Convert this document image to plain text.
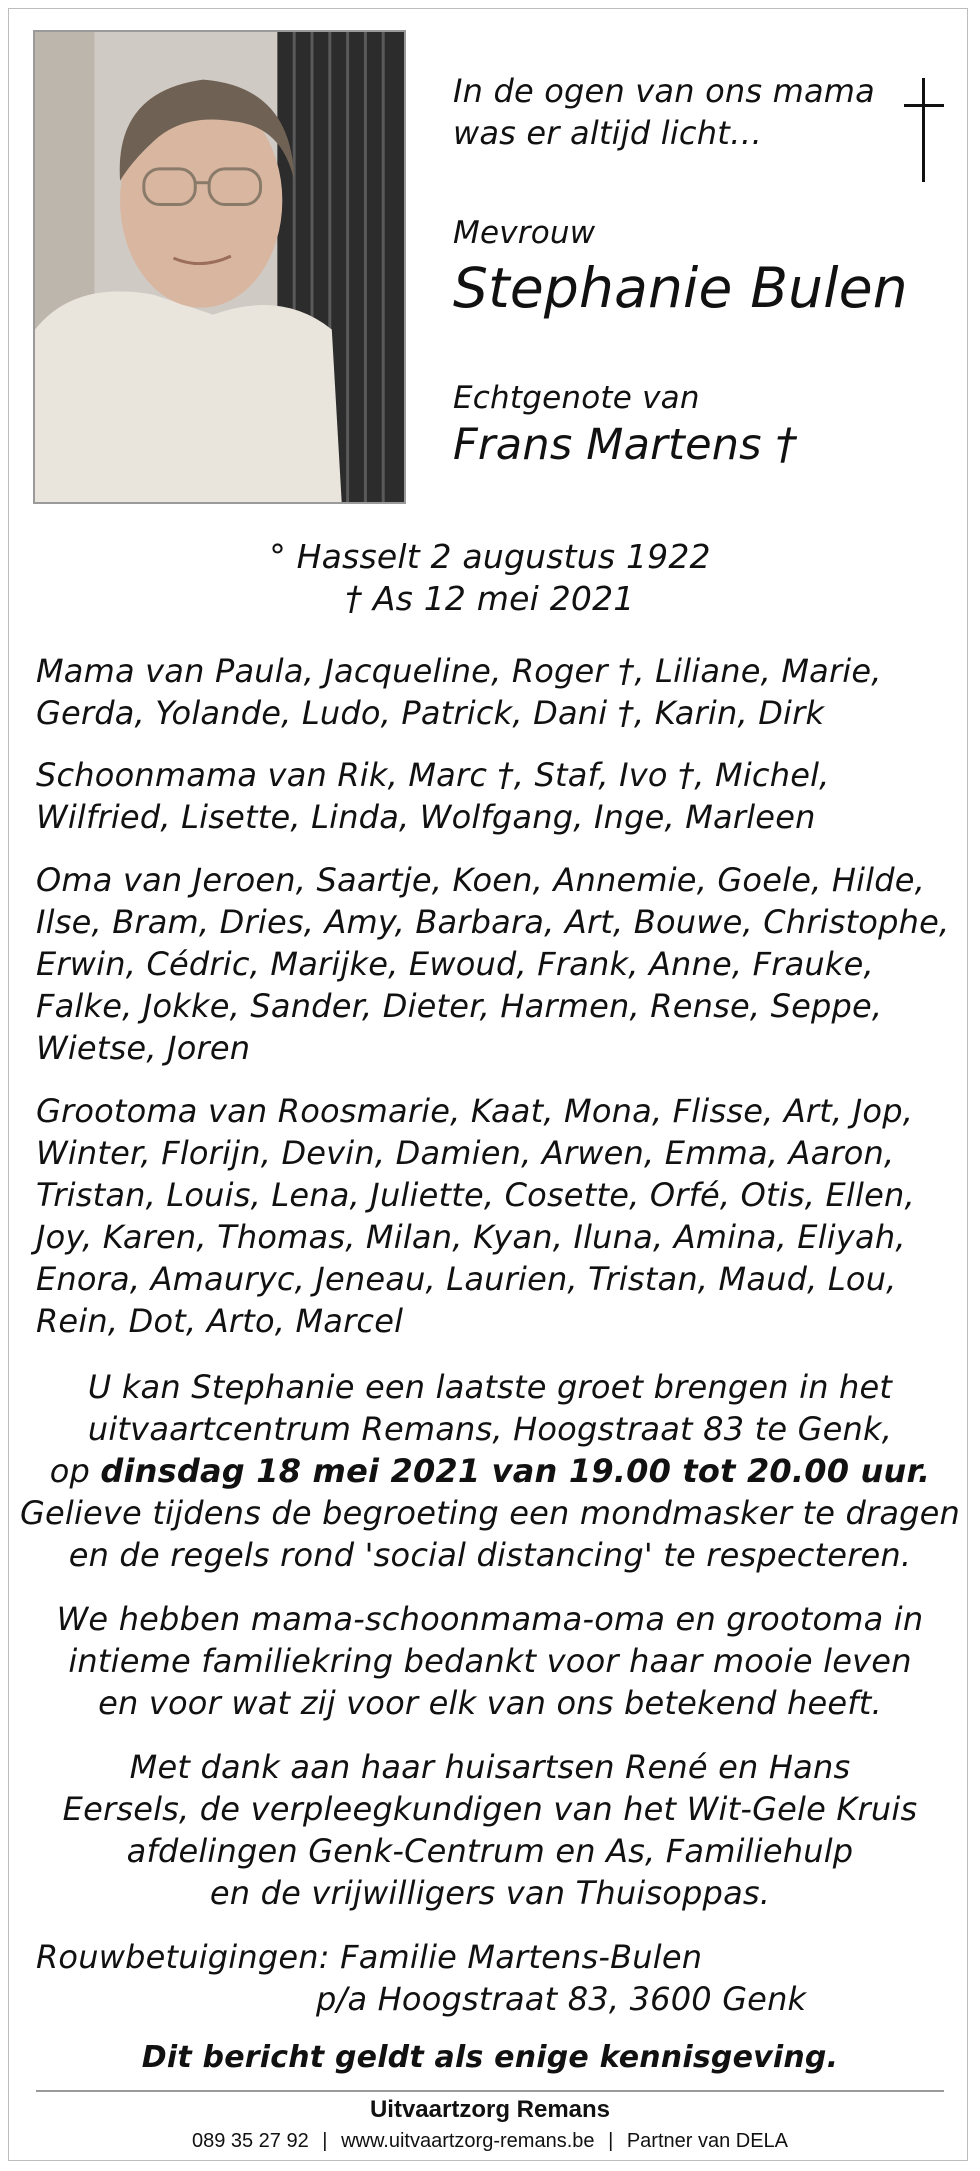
In de ogen van ons mama
was er altijd licht…
Mevrouw
Stephanie Bulen
Echtgenote van
Frans Martens †
° Hasselt 2 augustus 1922
† As 12 mei 2021

Mama van Paula, Jacqueline, Roger †, Liliane, Marie, Gerda, Yolande, Ludo, Patrick, Dani †, Karin, Dirk

Schoonmama van Rik, Marc †, Staf, Ivo †, Michel, Wilfried, Lisette, Linda, Wolfgang, Inge, Marleen

Oma van Jeroen, Saartje, Koen, Annemie, Goele, Hilde, Ilse, Bram, Dries, Amy, Barbara, Art, Bouwe, Christophe, Erwin, Cédric, Marijke, Ewoud, Frank, Anne, Frauke, Falke, Jokke, Sander, Dieter, Harmen, Rense, Seppe, Wietse, Joren

Grootoma van Roosmarie, Kaat, Mona, Flisse, Art, Jop, Winter, Florijn, Devin, Damien, Arwen, Emma, Aaron, Tristan, Louis, Lena, Juliette, Cosette, Orfé, Otis, Ellen, Joy, Karen, Thomas, Milan, Kyan, Iluna, Amina, Eliyah, Enora, Amauryc, Jeneau, Laurien, Tristan, Maud, Lou, Rein, Dot, Arto, Marcel

U kan Stephanie een laatste groet brengen in het
uitvaartcentrum Remans, Hoogstraat 83 te Genk,
op dinsdag 18 mei 2021 van 19.00 tot 20.00 uur.
Gelieve tijdens de begroeting een mondmasker te dragen
en de regels rond 'social distancing' te respecteren.
We hebben mama-schoonmama-oma en grootoma in
intieme familiekring bedankt voor haar mooie leven
en voor wat zij voor elk van ons betekend heeft.
Met dank aan haar huisartsen René en Hans
Eersels, de verpleegkundigen van het Wit-Gele Kruis
afdelingen Genk-Centrum en As, Familiehulp
en de vrijwilligers van Thuisoppas.
Rouwbetuigingen: Familie Martens-Bulen
p/a Hoogstraat 83, 3600 Genk
Dit bericht geldt als enige kennisgeving.
Uitvaartzorg Remans
089 35 27 92 | www.uitvaartzorg-remans.be | Partner van DELA
